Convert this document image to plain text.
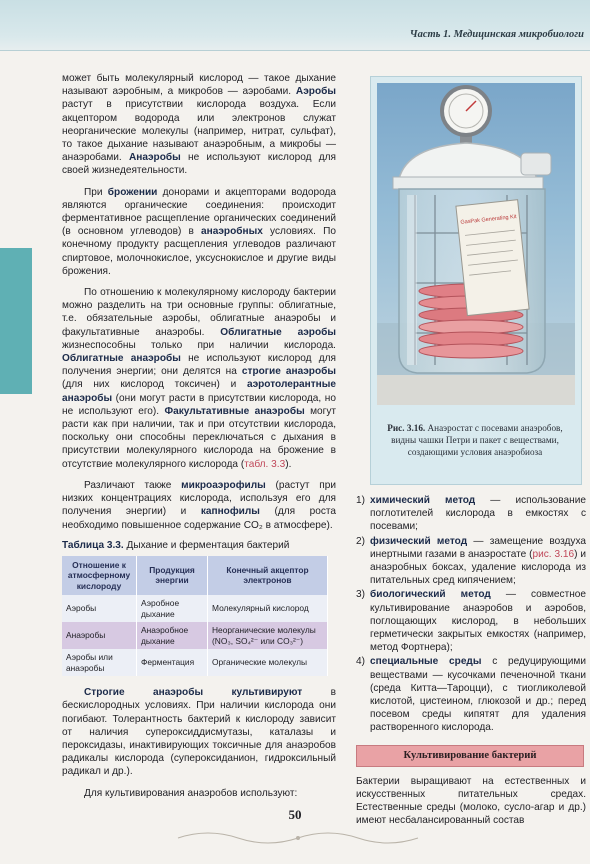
Часть 1. Медицинская микробиологи

может быть молекулярный кислород — такое дыхание называют аэробным, а микробов — аэробами. Аэробы растут в присутствии кислорода воздуха. Если акцептором водорода или электронов служат неорганические молекулы (например, нитрат, сульфат), то такое дыхание называют анаэробным, а микробы — анаэробами. Анаэробы не используют кислород для своей жизнедеятельности.

При брожении донорами и акцепторами водорода являются органические соединения: происходит ферментативное расщепление органических соединений (в основном углеводов) в анаэробных условиях. По конечному продукту расщепления углеводов различают спиртовое, молочнокислое, уксуснокислое и другие виды брожения.

По отношению к молекулярному кислороду бактерии можно разделить на три основные группы: облигатные, т.е. обязательные аэробы, облигатные анаэробы и факультативные анаэробы. Облигатные аэробы жизнеспособны только при наличии кислорода. Облигатные анаэробы не используют кислород для получения энергии; они делятся на строгие анаэробы (для них кислород токсичен) и аэротолерантные анаэробы (они могут расти в присутствии кислорода, но не используют его). Факультативные анаэробы могут расти как при наличии, так и при отсутствии кислорода, поскольку они способны переключаться с дыхания в присутствии молекулярного кислорода на брожение в отсутствие молекулярного кислорода (табл. 3.3).

Различают также микроаэрофилы (растут при низких концентрациях кислорода, используя его для получения энергии) и капнофилы (для роста необходимо повышенное содержание CO₂ в атмосфере).

Таблица 3.3. Дыхание и ферментация бактерий
Отношение к атмосферному кислороду	Продукция энергии	Конечный акцептор электронов
Аэробы	Аэробное дыхание	Молекулярный кислород
Анаэробы	Анаэробное дыхание	Неорганические молекулы (NO₃, SO₄²⁻ или CO₃²⁻)
Аэробы или анаэробы	Ферментация	Органические молекулы

Строгие анаэробы культивируют в бескислородных условиях. При наличии кислорода они погибают. Толерантность бактерий к кислороду зависит от наличия супероксиддисмутазы, каталазы и пероксидазы, инактивирующих токсичные для анаэробов радикалы кислорода (супероксиданион, гидроксильный радикал и др.).

Для культивирования анаэробов используют:

GasPak Generating Kit
Рис. 3.16. Анаэростат с посевами анаэробов, видны чашки Петри и пакет с веществами, создающими условия анаэробиоза
1) химический метод — использование поглотителей кислорода в емкостях с посевами;
2) физический метод — замещение воздуха инертными газами в анаэростате (рис. 3.16) и анаэробных боксах, удаление кислорода из питательных сред кипячением;
3) биологический метод — совместное культивирование анаэробов и аэробов, поглощающих кислород, в небольших герметически закрытых емкостях (например, метод Фортнера);
4) специальные среды с редуцирующими веществами — кусочками печеночной ткани (среда Китта—Тароцци), с тиогликолевой кислотой, цистеином, глюкозой и др.; перед посевом среды кипятят для удаления растворенного кислорода.
Культивирование бактерий

Бактерии выращивают на естественных и искусственных питательных средах. Естественные среды (молоко, сусло-агар и др.) имеют несбалансированный состав

50
